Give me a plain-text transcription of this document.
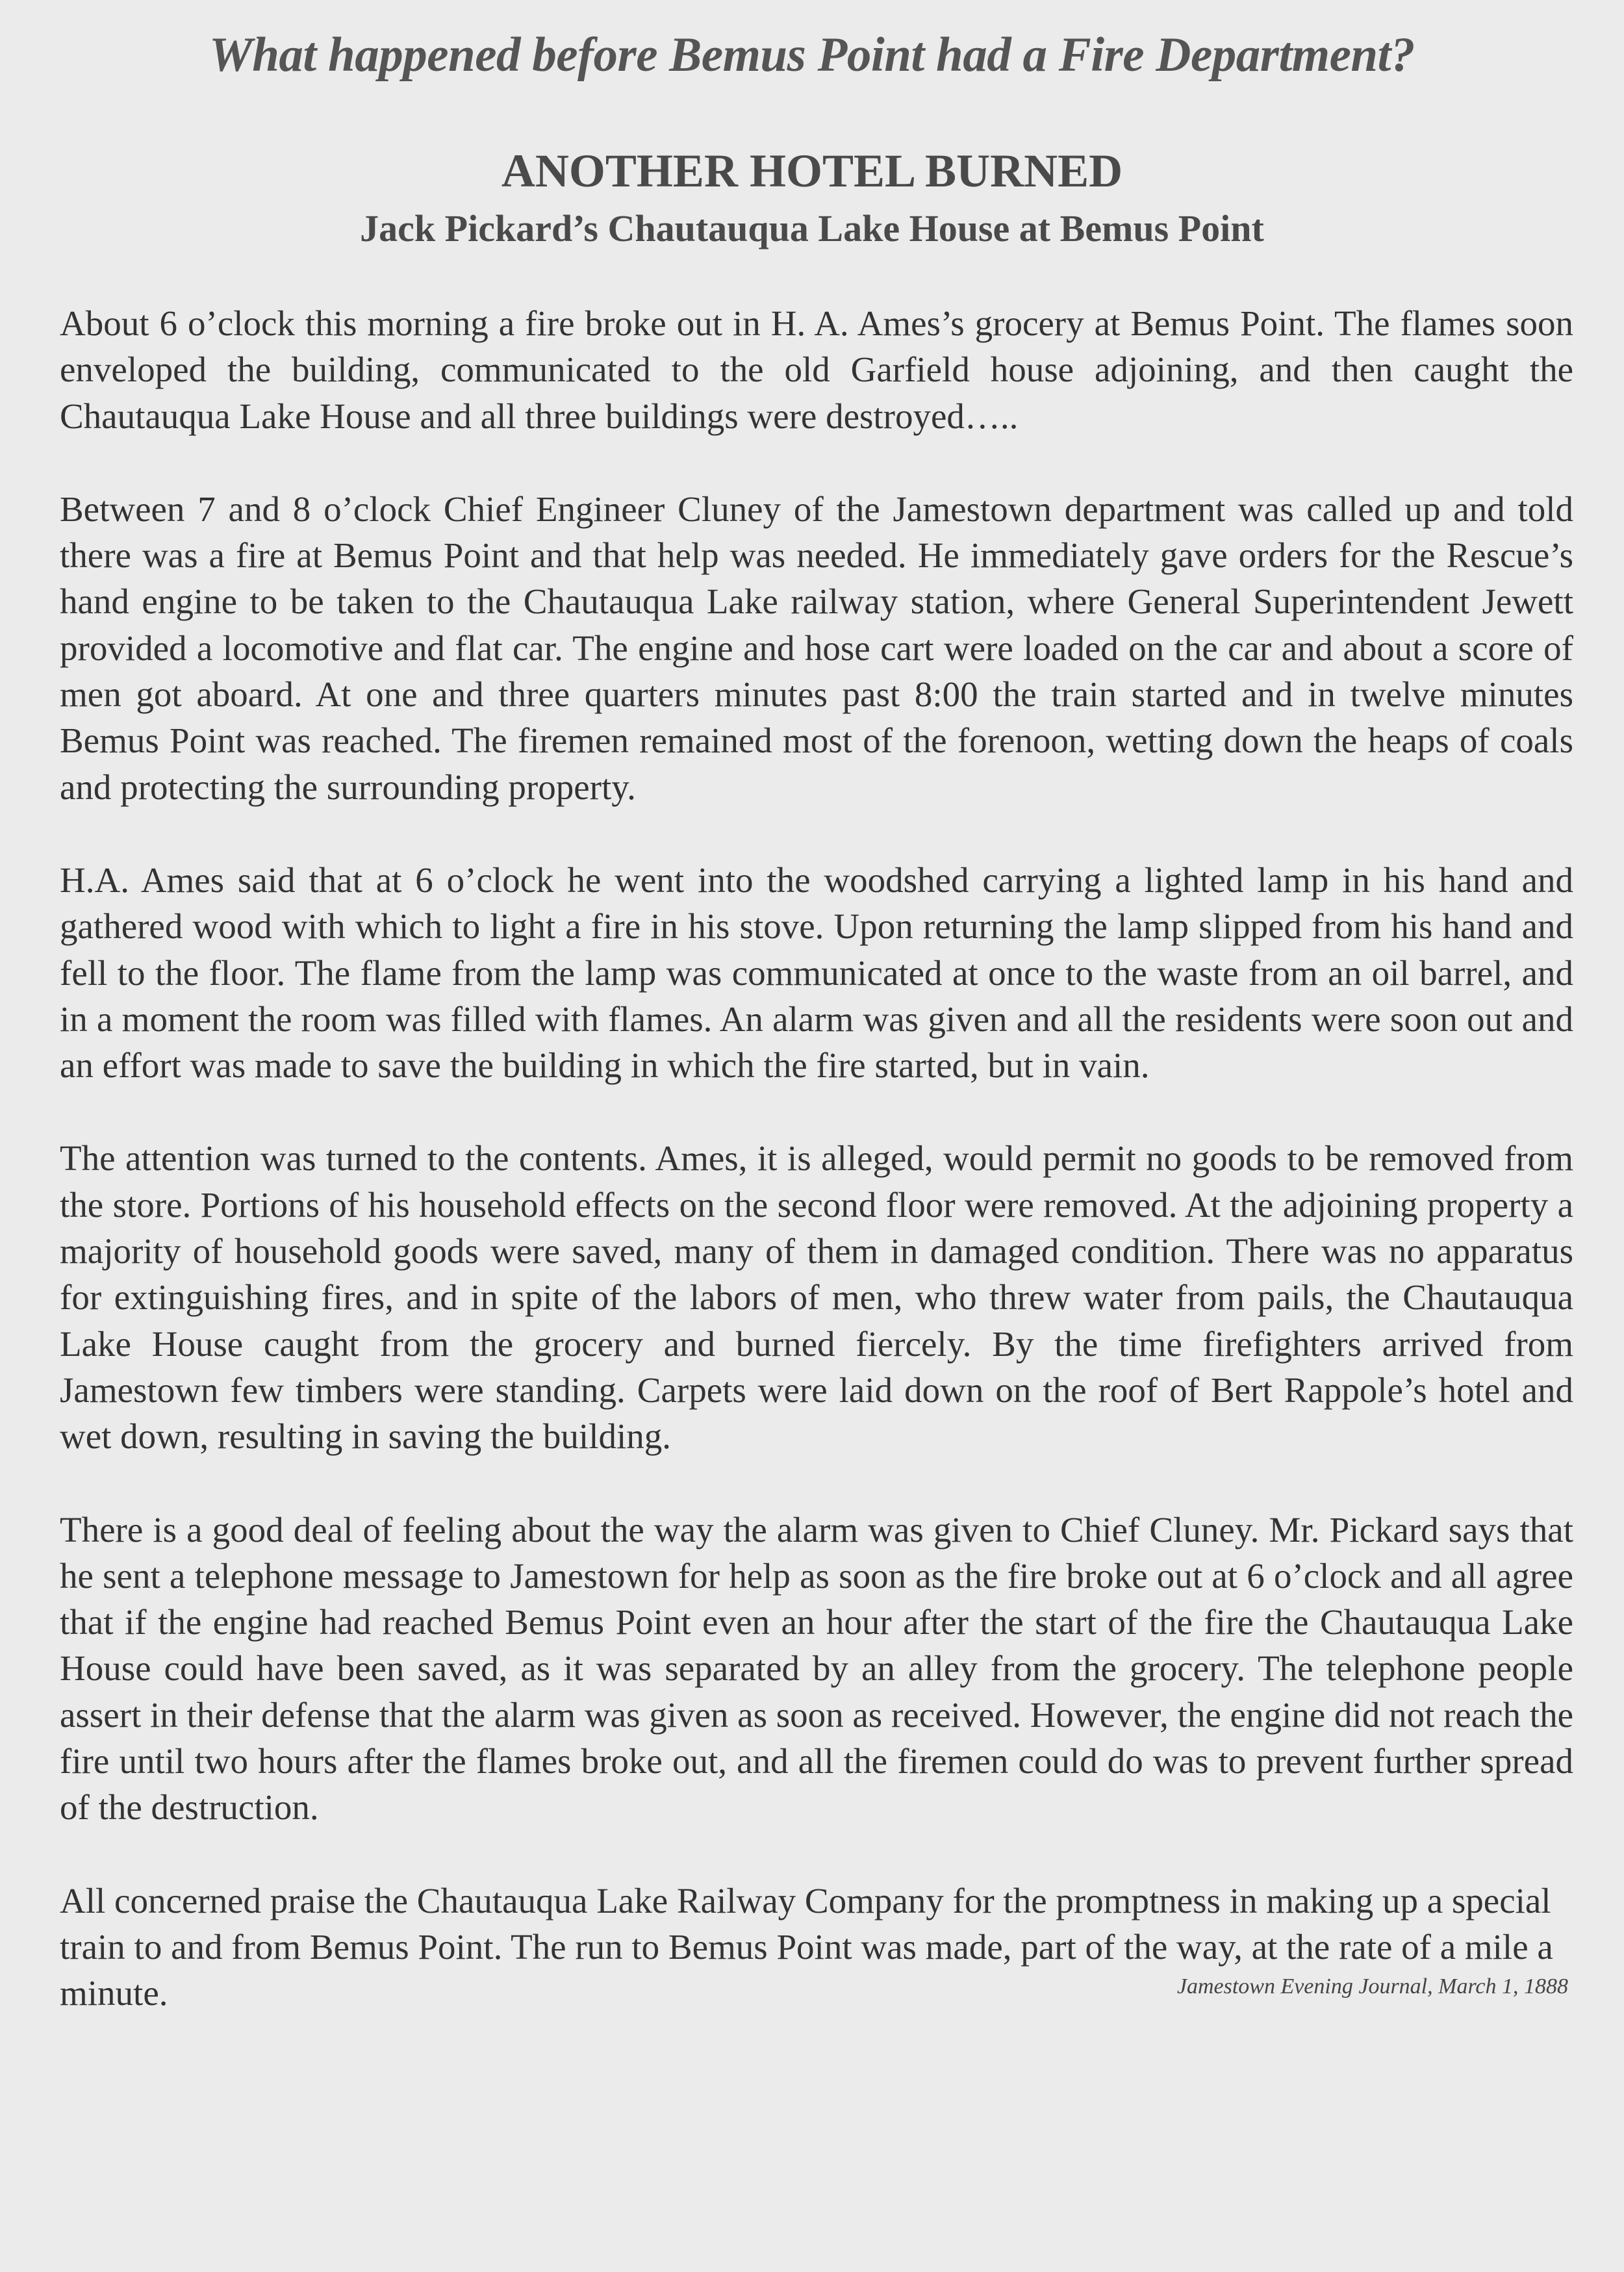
What happened before Bemus Point had a Fire Department?
ANOTHER HOTEL BURNED
Jack Pickard’s Chautauqua Lake House at Bemus Point

About 6 o’clock this morning a fire broke out in H. A. Ames’s grocery at Bemus Point. The flames soon enveloped the building, communicated to the old Garfield house adjoining, and then caught the Chautauqua Lake House and all three buildings were destroyed…..

Between 7 and 8 o’clock Chief Engineer Cluney of the Jamestown department was called up and told there was a fire at Bemus Point and that help was needed. He immediately gave orders for the Rescue’s hand engine to be taken to the Chautauqua Lake railway station, where General Superintendent Jewett provided a locomotive and flat car. The engine and hose cart were loaded on the car and about a score of men got aboard. At one and three quarters minutes past 8:00 the train started and in twelve minutes Bemus Point was reached. The firemen remained most of the forenoon, wetting down the heaps of coals and protecting the surrounding property.

H.A. Ames said that at 6 o’clock he went into the woodshed carrying a lighted lamp in his hand and gathered wood with which to light a fire in his stove. Upon returning the lamp slipped from his hand and fell to the floor. The flame from the lamp was communicated at once to the waste from an oil barrel, and in a moment the room was filled with flames. An alarm was given and all the residents were soon out and an effort was made to save the building in which the fire started, but in vain.

The attention was turned to the contents. Ames, it is alleged, would permit no goods to be removed from the store. Portions of his household effects on the second floor were removed. At the adjoining property a majority of household goods were saved, many of them in damaged condition. There was no apparatus for extinguishing fires, and in spite of the labors of men, who threw water from pails, the Chautauqua Lake House caught from the grocery and burned fiercely. By the time firefighters arrived from Jamestown few timbers were standing. Carpets were laid down on the roof of Bert Rappole’s hotel and wet down, resulting in saving the building.

There is a good deal of feeling about the way the alarm was given to Chief Cluney. Mr. Pickard says that he sent a telephone message to Jamestown for help as soon as the fire broke out at 6 o’clock and all agree that if the engine had reached Bemus Point even an hour after the start of the fire the Chautauqua Lake House could have been saved, as it was separated by an alley from the grocery. The telephone people assert in their defense that the alarm was given as soon as received. However, the engine did not reach the fire until two hours after the flames broke out, and all the firemen could do was to prevent further spread of the destruction.

All concerned praise the Chautauqua Lake Railway Company for the promptness in making up a special train to and from Bemus Point. The run to Bemus Point was made, part of the way, at the rate of a mile a minute.	Jamestown Evening Journal, March 1, 1888
